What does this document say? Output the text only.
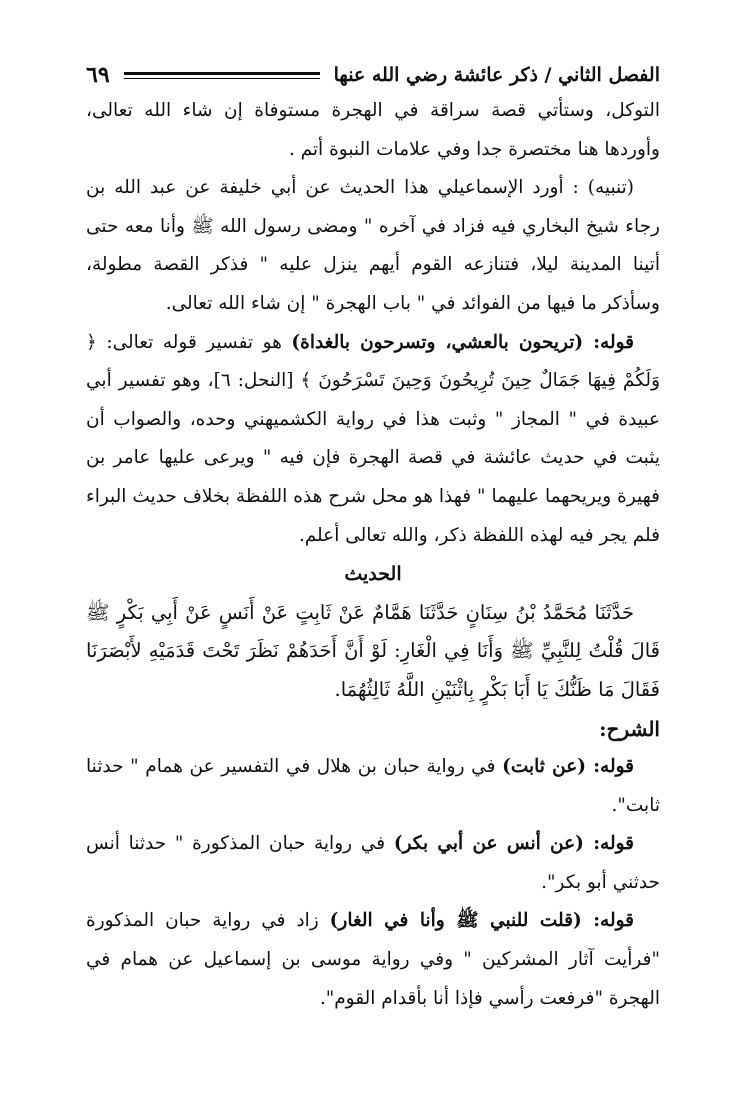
الفصل الثاني / ذكر عائشة رضي الله عنها
٦٩

التوكل، وستأتي قصة سراقة في الهجرة مستوفاة إن شاء الله تعالى، وأوردها هنا مختصرة جدا وفي علامات النبوة أتم .

(تنبيه) : أورد الإسماعيلي هذا الحديث عن أبي خليفة عن عبد الله بن رجاء شيخ البخاري فيه فزاد في آخره " ومضى رسول الله ﷺ وأنا معه حتى أتينا المدينة ليلا، فتنازعه القوم أيهم ينزل عليه " فذكر القصة مطولة، وسأذكر ما فيها من الفوائد في " باب الهجرة " إن شاء الله تعالى.

قوله: (تريحون بالعشي، وتسرحون بالغداة) هو تفسير قوله تعالى: ﴿ وَلَكُمْ فِيهَا جَمَالٌ حِينَ تُرِيحُونَ وَحِينَ تَسْرَحُونَ ﴾ [النحل: ٦]، وهو تفسير أبي عبيدة في " المجاز " وثبت هذا في رواية الكشميهني وحده، والصواب أن يثبت في حديث عائشة في قصة الهجرة فإن فيه " ويرعى عليها عامر بن فهيرة ويريحهما عليهما " فهذا هو محل شرح هذه اللفظة بخلاف حديث البراء فلم يجر فيه لهذه اللفظة ذكر، والله تعالى أعلم.

الحديث

حَدَّثَنَا مُحَمَّدُ بْنُ سِنَانٍ حَدَّثَنَا هَمَّامٌ عَنْ ثَابِتٍ عَنْ أَنَسٍ عَنْ أَبِي بَكْرٍ ﷺ قَالَ قُلْتُ لِلنَّبِيِّ ﷺ وَأَنَا فِي الْغَارِ: لَوْ أَنَّ أَحَدَهُمْ نَظَرَ تَحْتَ قَدَمَيْهِ لأَبْصَرَنَا فَقَالَ مَا ظَنُّكَ يَا أَبَا بَكْرٍ بِاثْنَيْنِ اللَّهُ ثَالِثُهُمَا.

الشرح:

قوله: (عن ثابت) في رواية حبان بن هلال في التفسير عن همام " حدثنا ثابت".

قوله: (عن أنس عن أبي بكر) في رواية حبان المذكورة " حدثنا أنس حدثني أبو بكر".

قوله: (قلت للنبي ﷺ وأنا في الغار) زاد في رواية حبان المذكورة "فرأيت آثار المشركين " وفي رواية موسى بن إسماعيل عن همام في الهجرة "فرفعت رأسي فإذا أنا بأقدام القوم".
